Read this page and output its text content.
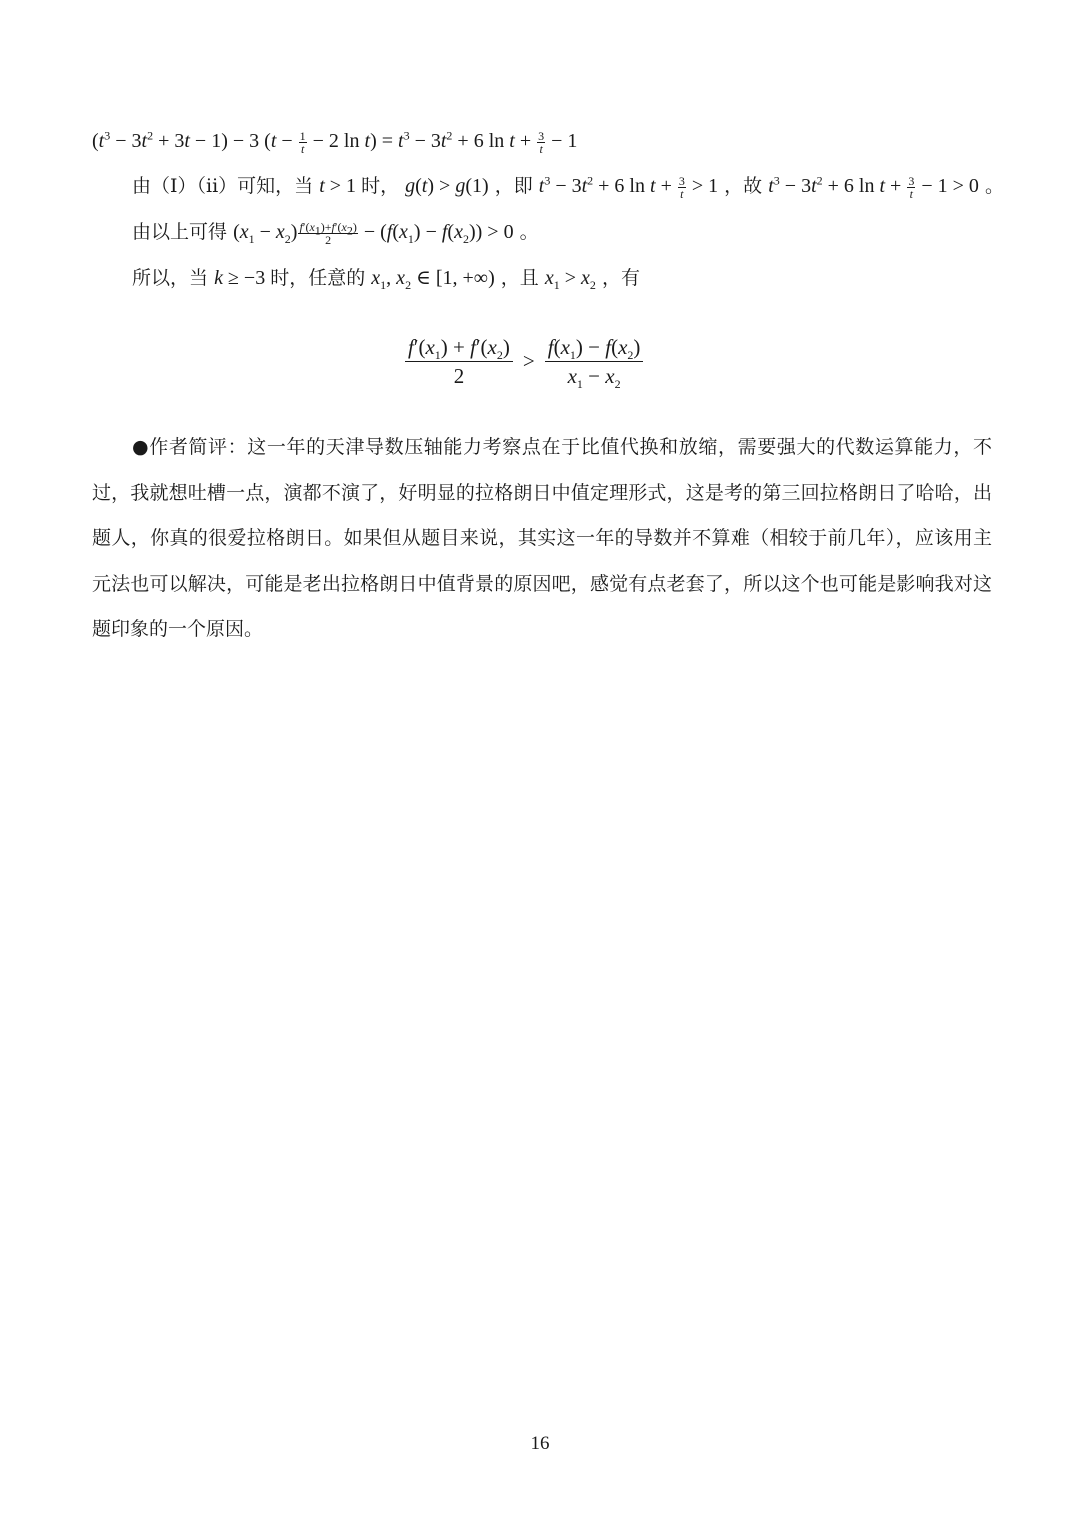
$(t^3 - 3t^2 + 3t - 1) - 3$ ($t - \frac{1}{t} - 2$ $\ln t) = t^3 - 3t^2 + 6$ $\ln t + \frac{3}{t} - 1$
由（I）（ii）可知，当 t > 1 时， g(t) > g(1) ，即 $t^3 - 3t^2 + 6$ $\ln t + \frac{3}{t} > 1$ ，故 $t^3 - 3t^2 + 6$ $\ln t + \frac{3}{t} - 1 > 0$ 。
由以上可得 $(x_1 - x_2) \frac{f'(x_1)+f'(x_2)}{2} - (f(x_1) - f(x_2)) > 0$ 。
所以，当 k ≥ −3 时，任意的 $x_1$, $x_2$ ∈ [1, +∞) ，且 $x_1 > x_2$ ，有
$\frac{f'(x_1) + f'(x_2)}{2} > \frac{f(x_1) - f(x_2)}{x_1 - x_2}$
●作者简评：这一年的天津导数压轴能力考察点在于比值代换和放缩，需要强大的代数运算能力，不过，我就想吐槽一点，演都不演了，好明显的拉格朗日中值定理形式，这是考的第三回拉格朗日了哈哈，出题人，你真的很爱拉格朗日。如果但从题目来说，其实这一年的导数并不算难（相较于前几年），应该用主元法也可以解决，可能是老出拉格朗日中值背景的原因吧，感觉有点老套了，所以这个也可能是影响我对这题印象的一个原因。
16
